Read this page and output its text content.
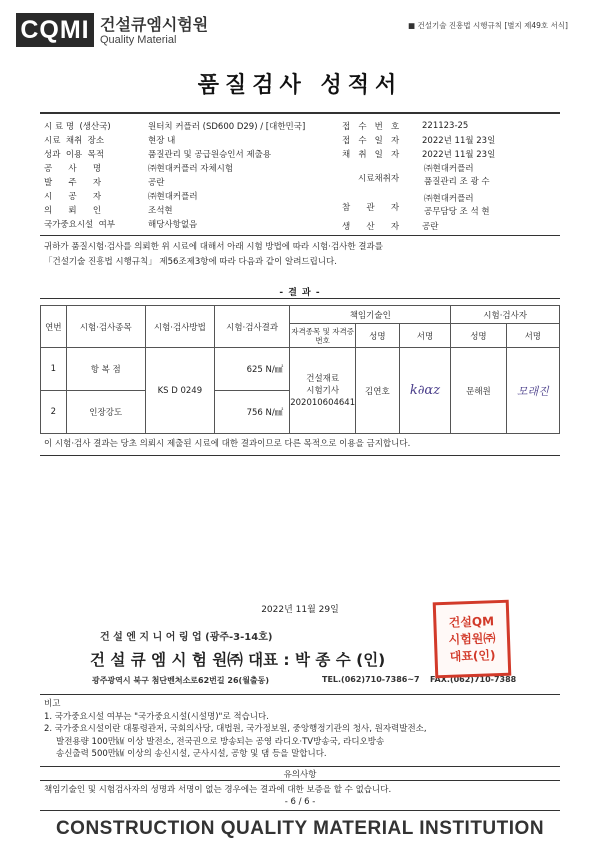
CQMI 건설큐엠시험원
Quality Material
■ 건설기술 진흥법 시행규칙 [별지 제49호 서식]
품질검사 성적서
시 료 명  (생산국)	원터치 커플러 (SD600 D29) / [대한민국]
시료  채취  장소	현장 내
성과  이용  목적	품질관리 및 공급원승인서 제출용
공      사      명	㈜현대커플러 자체시험
발      주      자	공란
시      공      자	㈜현대커플러
의      뢰      인	조석현
국가중요시설  여부	해당사항없음
접   수   번   호	221123-25
접   수   일   자	2022년 11월 23일
채   취   일   자	2022년 11월 23일
시료채취자
㈜현대커플러
품질관리 조 광 수
참      관      자
㈜현대커플러
공무담당 조 석 현
생      산      자	공란
귀하가 품질시험·검사를 의뢰한 위 시료에 대해서 아래 시험 방법에 따라 시험·검사한 결과를
「건설기술 진흥법 시행규칙」 제56조제3항에 따라 다음과 같이 알려드립니다.
- 결 과 -
연번	시험·검사종목	시험·검사방법	시험·검사결과	책임기술인			시험·검사자	
				자격종목 및 자격증 번호	성명	서명	성명	서명
1	항 복 점	KS D 0249	625 N/㎟	건설재료
시험기사
202010604641	김연호	k∂ɑz	문해원	모래진
2	인장강도		756 N/㎟					
이 시험·검사 결과는 당초 의뢰시 제출된 시료에 대한 결과이므로 다른 목적으로 이용을 금지합니다.
2022년 11월 29일
건 설 엔 지 니 어 링 업 (광주-3-14호)
건 설 큐 엠 시 험 원㈜ 대표 : 박 종 수 (인)
광주광역시 북구 첨단벤처소로62번길 26(월출동)	TEL.(062)710-7386~7 FAX.(062)710-7388
건설QM
시험원㈜
대표(인)
비고
1. 국가중요시설 여부는 "국가중요시설(시설명)"로 적습니다.
2. 국가중요시설이란 대통령관저, 국회의사당, 대법원, 국가정보원, 중앙행정기관의 청사, 원자력발전소,
발전용량 100만㎾ 이상 발전소, 전국권으로 방송되는 공영 라디오·TV방송국, 라디오방송
송신출력 500만㎾ 이상의 송신시설, 군사시설, 공항 및 댐 등을 말합니다.
유의사항
책임기술인 및 시험검사자의 성명과 서명이 없는 경우에는 결과에 대한 보증을 할 수 없습니다.
- 6 / 6 -
CONSTRUCTION QUALITY MATERIAL INSTITUTION
